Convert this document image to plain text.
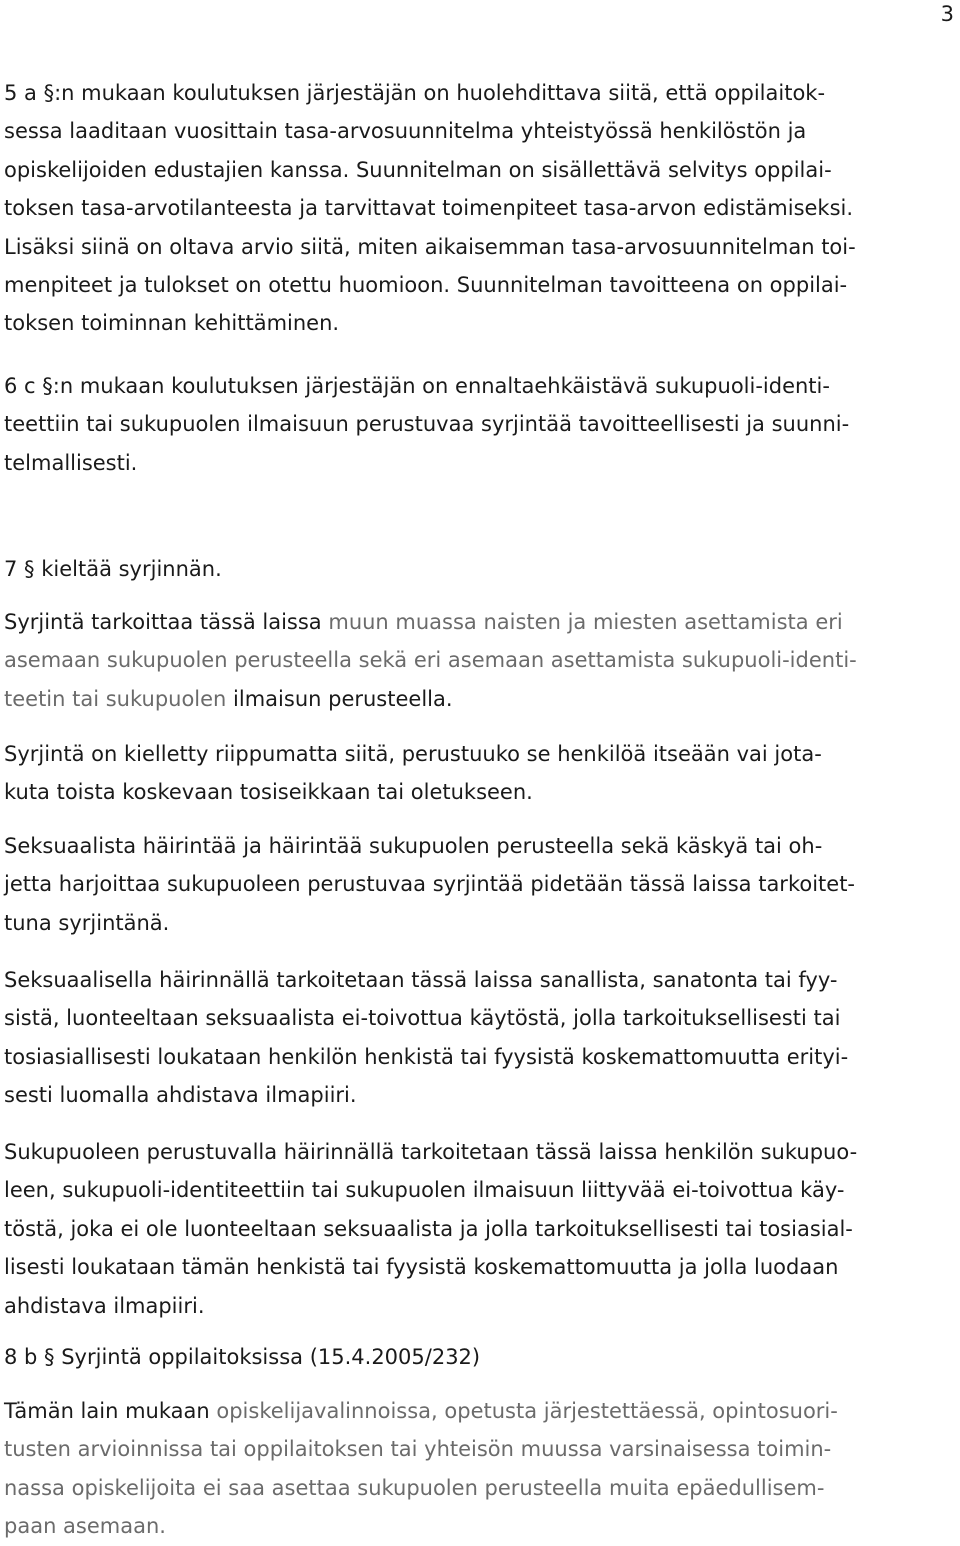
3

5 a §:n mukaan koulutuksen järjestäjän on huolehdittava siitä, että oppilaitok-
sessa laaditaan vuosittain tasa-arvosuunnitelma yhteistyössä henkilöstön ja
opiskelijoiden edustajien kanssa. Suunnitelman on sisällettävä selvitys oppilai-
toksen tasa-arvotilanteesta ja tarvittavat toimenpiteet tasa-arvon edistämiseksi.
Lisäksi siinä on oltava arvio siitä, miten aikaisemman tasa-arvosuunnitelman toi-
menpiteet ja tulokset on otettu huomioon. Suunnitelman tavoitteena on oppilai-
toksen toiminnan kehittäminen.

6 c §:n mukaan koulutuksen järjestäjän on ennaltaehkäistävä sukupuoli-identi-
teettiin tai sukupuolen ilmaisuun perustuvaa syrjintää tavoitteellisesti ja suunni-
telmallisesti.

7 § kieltää syrjinnän.

Syrjintä tarkoittaa tässä laissa muun muassa naisten ja miesten asettamista eri
asemaan sukupuolen perusteella sekä eri asemaan asettamista sukupuoli-identi-
teetin tai sukupuolen ilmaisun perusteella.

Syrjintä on kielletty riippumatta siitä, perustuuko se henkilöä itseään vai jota-
kuta toista koskevaan tosiseikkaan tai oletukseen.

Seksuaalista häirintää ja häirintää sukupuolen perusteella sekä käskyä tai oh-
jetta harjoittaa sukupuoleen perustuvaa syrjintää pidetään tässä laissa tarkoitet-
tuna syrjintänä.

Seksuaalisella häirinnällä tarkoitetaan tässä laissa sanallista, sanatonta tai fyy-
sistä, luonteeltaan seksuaalista ei-toivottua käytöstä, jolla tarkoituksellisesti tai
tosiasiallisesti loukataan henkilön henkistä tai fyysistä koskemattomuutta erityi-
sesti luomalla ahdistava ilmapiiri.

Sukupuoleen perustuvalla häirinnällä tarkoitetaan tässä laissa henkilön sukupuo-
leen, sukupuoli-identiteettiin tai sukupuolen ilmaisuun liittyvää ei-toivottua käy-
töstä, joka ei ole luonteeltaan seksuaalista ja jolla tarkoituksellisesti tai tosiasial-
lisesti loukataan tämän henkistä tai fyysistä koskemattomuutta ja jolla luodaan
ahdistava ilmapiiri.

8 b § Syrjintä oppilaitoksissa (15.4.2005/232)

Tämän lain mukaan opiskelijavalinnoissa, opetusta järjestettäessä, opintosuori-
tusten arvioinnissa tai oppilaitoksen tai yhteisön muussa varsinaisessa toimin-
nassa opiskelijoita ei saa asettaa sukupuolen perusteella muita epäedullisem-
paan asemaan.
